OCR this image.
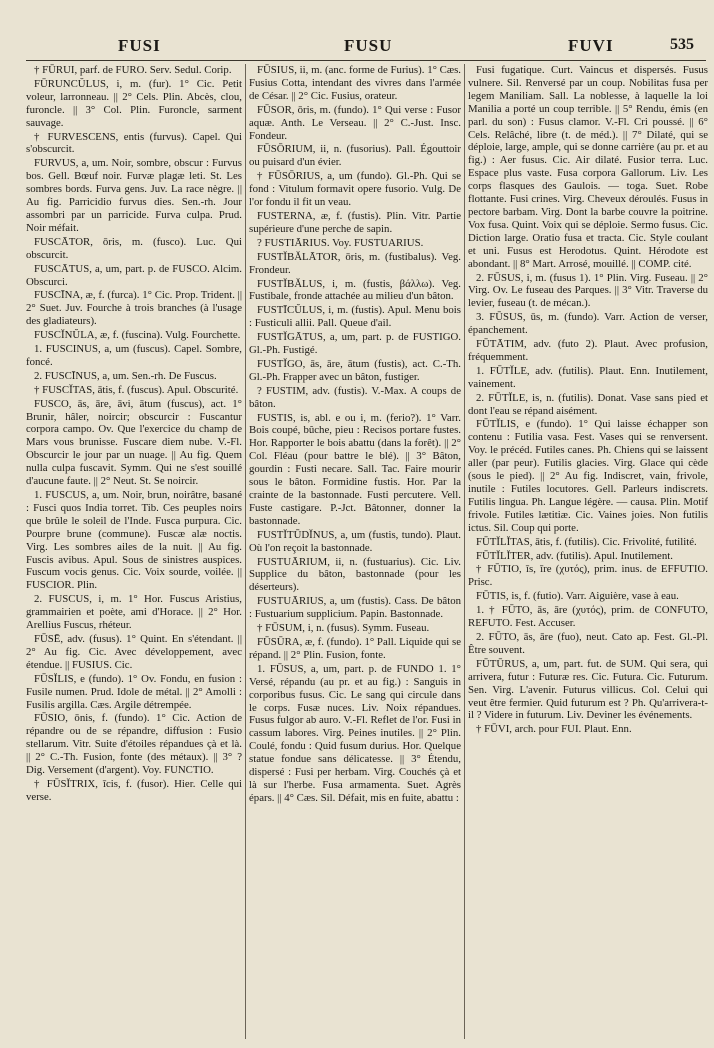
FUSI	FUSU	FUVI	535

† FŪRUI, parf. de FURO. Serv. Sedul. Corip.

FŪRUNCŬLUS, i, m. (fur). 1° Cic. Petit voleur, larronneau. || 2° Cels. Plin. Abcès, clou, furoncle. || 3° Col. Plin. Furoncle, sarment sauvage.

† FURVESCENS, entis (furvus). Capel. Qui s'obscurcit.

FURVUS, a, um. Noir, sombre, obscur : Furvus bos. Gell. Bœuf noir. Furvæ plagæ leti. St. Les sombres bords. Furva gens. Juv. La race nègre. || Au fig. Parricidio furvus dies. Sen.-rh. Jour assombri par un parricide. Furva culpa. Prud. Noir méfait.

FUSCĀTOR, ōris, m. (fusco). Luc. Qui obscurcit.

FUSCĀTUS, a, um, part. p. de FUSCO. Alcim. Obscurci.

FUSCĪNA, æ, f. (furca). 1° Cic. Prop. Trident. || 2° Suet. Juv. Fourche à trois branches (à l'usage des gladiateurs).

FUSCĬNŬLA, æ, f. (fuscina). Vulg. Fourchette.

1. FUSCINUS, a, um (fuscus). Capel. Sombre, foncé.

2. FUSCĪNUS, a, um. Sen.-rh. De Fuscus.

† FUSCĬTAS, ātis, f. (fuscus). Apul. Obscurité.

FUSCO, ās, āre, āvi, ātum (fuscus), act. 1° Brunir, hâler, noircir; obscurcir : Fuscantur corpora campo. Ov. Que l'exercice du champ de Mars vous brunisse. Fuscare diem nube. V.-Fl. Obscurcir le jour par un nuage. || Au fig. Quem nulla culpa fuscavit. Symm. Qui ne s'est souillé d'aucune faute. || 2° Neut. St. Se noircir.

1. FUSCUS, a, um. Noir, brun, noirâtre, basané : Fusci quos India torret. Tib. Ces peuples noirs que brûle le soleil de l'Inde. Fusca purpura. Cic. Pourpre brune (commune). Fuscæ alæ noctis. Virg. Les sombres ailes de la nuit. || Au fig. Fuscis avibus. Apul. Sous de sinistres auspices. Fuscum vocis genus. Cic. Voix sourde, voilée. || FUSCIOR. Plin.

2. FUSCUS, i, m. 1° Hor. Fuscus Aristius, grammairien et poète, ami d'Horace. || 2° Hor. Arellius Fuscus, rhéteur.

FŪSĒ, adv. (fusus). 1° Quint. En s'étendant. || 2° Au fig. Cic. Avec développement, avec étendue. || FUSIUS. Cic.

FŪSĬLIS, e (fundo). 1° Ov. Fondu, en fusion : Fusile numen. Prud. Idole de métal. || 2° Amolli : Fusilis argilla. Cæs. Argile détrempée.

FŪSIO, ōnis, f. (fundo). 1° Cic. Action de répandre ou de se répandre, diffusion : Fusio stellarum. Vitr. Suite d'étoiles répandues çà et là. || 2° C.-Th. Fusion, fonte (des métaux). || 3° ? Dig. Versement (d'argent). Voy. FUNCTIO.

† FŪSĬTRIX, īcis, f. (fusor). Hier. Celle qui verse.

FŪSIUS, ii, m. (anc. forme de Furius). 1° Cæs. Fusius Cotta, intendant des vivres dans l'armée de César. || 2° Cic. Fusius, orateur.

FŪSOR, ōris, m. (fundo). 1° Qui verse : Fusor aquæ. Anth. Le Verseau. || 2° C.-Just. Insc. Fondeur.

FŪSŌRIUM, ii, n. (fusorius). Pall. Égouttoir ou puisard d'un évier.

† FŪSŌRIUS, a, um (fundo). Gl.-Ph. Qui se fond : Vitulum formavit opere fusorio. Vulg. De l'or fondu il fit un veau.

FUSTERNA, æ, f. (fustis). Plin. Vitr. Partie supérieure d'une perche de sapin.

? FUSTIĀRIUS. Voy. FUSTUARIUS.

FUSTĬBĂLĀTOR, ōris, m. (fustibalus). Veg. Frondeur.

FUSTĬBĂLUS, i, m. (fustis, βάλλω). Veg. Fustibale, fronde attachée au milieu d'un bâton.

FUSTĪCŬLUS, i, m. (fustis). Apul. Menu bois : Fusticuli allii. Pall. Queue d'ail.

FUSTĬGĀTUS, a, um, part. p. de FUSTIGO. Gl.-Ph. Fustigé.

FUSTĬGO, ās, āre, ātum (fustis), act. C.-Th. Gl.-Ph. Frapper avec un bâton, fustiger.

? FUSTIM, adv. (fustis). V.-Max. A coups de bâton.

FUSTIS, is, abl. e ou i, m. (ferio?). 1° Varr. Bois coupé, bûche, pieu : Recisos portare fustes. Hor. Rapporter le bois abattu (dans la forêt). || 2° Col. Fléau (pour battre le blé). || 3° Bâton, gourdin : Fusti necare. Sall. Tac. Faire mourir sous le bâton. Formidine fustis. Hor. Par la crainte de la bastonnade. Fusti percutere. Vell. Fuste castigare. P.-Jct. Bâtonner, donner la bastonnade.

FUSTĬTŪDĬNUS, a, um (fustis, tundo). Plaut. Où l'on reçoit la bastonnade.

FUSTUĀRIUM, ii, n. (fustuarius). Cic. Liv. Supplice du bâton, bastonnade (pour les déserteurs).

FUSTUĀRIUS, a, um (fustis). Cass. De bâton : Fustuarium supplicium. Papin. Bastonnade.

† FŪSUM, i, n. (fusus). Symm. Fuseau.

FŪSŪRA, æ, f. (fundo). 1° Pall. Liquide qui se répand. || 2° Plin. Fusion, fonte.

1. FŪSUS, a, um, part. p. de FUNDO 1. 1° Versé, répandu (au pr. et au fig.) : Sanguis in corporibus fusus. Cic. Le sang qui circule dans le corps. Fusæ nuces. Liv. Noix répandues. Fusus fulgor ab auro. V.-Fl. Reflet de l'or. Fusi in cassum labores. Virg. Peines inutiles. || 2° Plin. Coulé, fondu : Quid fusum durius. Hor. Quelque statue fondue sans délicatesse. || 3° Étendu, dispersé : Fusi per herbam. Virg. Couchés çà et là sur l'herbe. Fusa armamenta. Suet. Agrès épars. || 4° Cæs. Sil. Défait, mis en fuite, abattu :

Fusi fugatique. Curt. Vaincus et dispersés. Fusus vulnere. Sil. Renversé par un coup. Nobilitas fusa per legem Maniliam. Sall. La noblesse, à laquelle la loi Manilia a porté un coup terrible. || 5° Rendu, émis (en parl. du son) : Fusus clamor. V.-Fl. Cri poussé. || 6° Cels. Relâché, libre (t. de méd.). || 7° Dilaté, qui se déploie, large, ample, qui se donne carrière (au pr. et au fig.) : Aer fusus. Cic. Air dilaté. Fusior terra. Luc. Espace plus vaste. Fusa corpora Gallorum. Liv. Les corps flasques des Gaulois. — toga. Suet. Robe flottante. Fusi crines. Virg. Cheveux déroulés. Fusus in pectore barbam. Virg. Dont la barbe couvre la poitrine. Vox fusa. Quint. Voix qui se déploie. Sermo fusus. Cic. Diction large. Oratio fusa et tracta. Cic. Style coulant et uni. Fusus est Herodotus. Quint. Hérodote est abondant. || 8° Mart. Arrosé, mouillé. || COMP. cité.

2. FŪSUS, i, m. (fusus 1). 1° Plin. Virg. Fuseau. || 2° Virg. Ov. Le fuseau des Parques. || 3° Vitr. Traverse du levier, fuseau (t. de mécan.).

3. FŪSUS, ūs, m. (fundo). Varr. Action de verser, épanchement.

FŪTĀTIM, adv. (futo 2). Plaut. Avec profusion, fréquemment.

1. FŪTĬLE, adv. (futilis). Plaut. Enn. Inutilement, vainement.

2. FŪTĬLE, is, n. (futilis). Donat. Vase sans pied et dont l'eau se répand aisément.

FŪTĬLIS, e (fundo). 1° Qui laisse échapper son contenu : Futilia vasa. Fest. Vases qui se renversent. Voy. le précéd. Futiles canes. Ph. Chiens qui se laissent aller (par peur). Futilis glacies. Virg. Glace qui cède (sous le pied). || 2° Au fig. Indiscret, vain, frivole, inutile : Futiles locutores. Gell. Parleurs indiscrets. Futilis lingua. Ph. Langue légère. — causa. Plin. Motif frivole. Futiles lætitiæ. Cic. Vaines joies. Non futilis ictus. Sil. Coup qui porte.

FŪTĬLĬTAS, ātis, f. (futilis). Cic. Frivolité, futilité.

FŪTĬLĬTER, adv. (futilis). Apul. Inutilement.

† FŪTIO, īs, īre (χυτός), prim. inus. de EFFUTIO. Prisc.

FŪTIS, is, f. (futio). Varr. Aiguière, vase à eau.

1. † FŪTO, ās, āre (χυτός), prim. de CONFUTO, REFUTO. Fest. Accuser.

2. FŪTO, ās, āre (fuo), neut. Cato ap. Fest. Gl.-Pl. Être souvent.

FŪTŪRUS, a, um, part. fut. de SUM. Qui sera, qui arrivera, futur : Futuræ res. Cic. Futura. Cic. Futurum. Sen. Virg. L'avenir. Futurus villicus. Col. Celui qui veut être fermier. Quid futurum est ? Ph. Qu'arrivera-t-il ? Videre in futurum. Liv. Deviner les événements.

† FŪVI, arch. pour FUI. Plaut. Enn.
